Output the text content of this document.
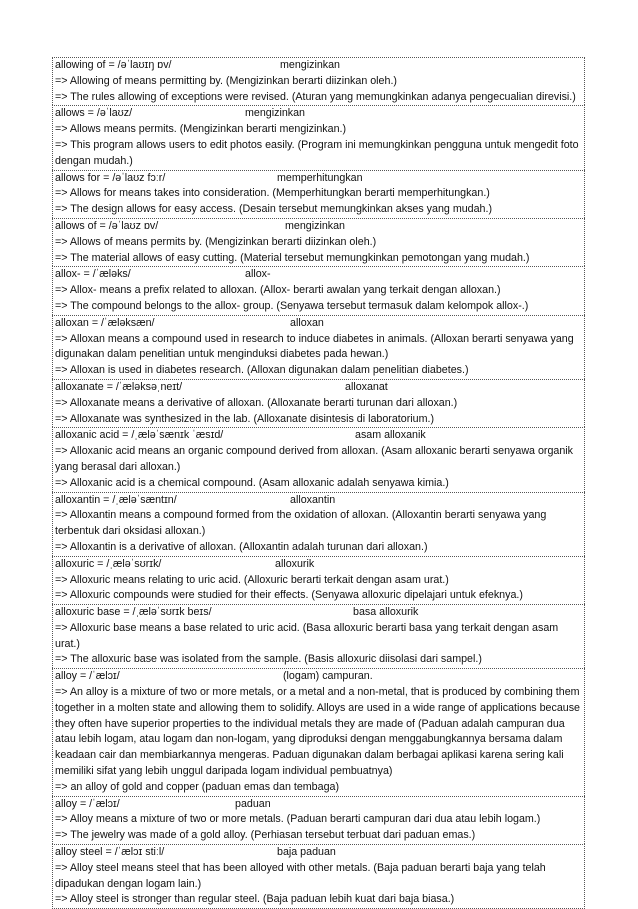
allowing of = /əˈlaʊɪŋ ɒv/	mengizinkan
=> Allowing of means permitting by. (Mengizinkan berarti diizinkan oleh.)
=> The rules allowing of exceptions were revised. (Aturan yang memungkinkan adanya pengecualian direvisi.)
allows = /əˈlaʊz/	mengizinkan
=> Allows means permits. (Mengizinkan berarti mengizinkan.)
=> This program allows users to edit photos easily. (Program ini memungkinkan pengguna untuk mengedit foto dengan mudah.)
allows for = /əˈlaʊz fɔːr/	memperhitungkan
=> Allows for means takes into consideration. (Memperhitungkan berarti memperhitungkan.)
=> The design allows for easy access. (Desain tersebut memungkinkan akses yang mudah.)
allows of = /əˈlaʊz ɒv/	mengizinkan
=> Allows of means permits by. (Mengizinkan berarti diizinkan oleh.)
=> The material allows of easy cutting. (Material tersebut memungkinkan pemotongan yang mudah.)
allox- = /ˈæləks/	allox-
=> Allox- means a prefix related to alloxan. (Allox- berarti awalan yang terkait dengan alloxan.)
=> The compound belongs to the allox- group. (Senyawa tersebut termasuk dalam kelompok allox-.)
alloxan = /ˈæləksæn/	alloxan
=> Alloxan means a compound used in research to induce diabetes in animals. (Alloxan berarti senyawa yang digunakan dalam penelitian untuk menginduksi diabetes pada hewan.)
=> Alloxan is used in diabetes research. (Alloxan digunakan dalam penelitian diabetes.)
alloxanate = /ˈæləksəˌneɪt/	alloxanat
=> Alloxanate means a derivative of alloxan. (Alloxanate berarti turunan dari alloxan.)
=> Alloxanate was synthesized in the lab. (Alloxanate disintesis di laboratorium.)
alloxanic acid = /ˌæləˈsænɪk ˈæsɪd/	asam alloxanik
=> Alloxanic acid means an organic compound derived from alloxan. (Asam alloxanic berarti senyawa organik yang berasal dari alloxan.)
=> Alloxanic acid is a chemical compound. (Asam alloxanic adalah senyawa kimia.)
alloxantin = /ˌæləˈsæntɪn/	alloxantin
=> Alloxantin means a compound formed from the oxidation of alloxan. (Alloxantin berarti senyawa yang terbentuk dari oksidasi alloxan.)
=> Alloxantin is a derivative of alloxan. (Alloxantin adalah turunan dari alloxan.)
alloxuric = /ˌæləˈsʊrɪk/	alloxurik
=> Alloxuric means relating to uric acid. (Alloxuric berarti terkait dengan asam urat.)
=> Alloxuric compounds were studied for their effects. (Senyawa alloxuric dipelajari untuk efeknya.)
alloxuric base = /ˌæləˈsʊrɪk beɪs/	basa alloxurik
=> Alloxuric base means a base related to uric acid. (Basa alloxuric berarti basa yang terkait dengan asam urat.)
=> The alloxuric base was isolated from the sample. (Basis alloxuric diisolasi dari sampel.)
alloy = /ˈælɔɪ/	(logam) campuran.
=> An alloy is a mixture of two or more metals, or a metal and a non-metal, that is produced by combining them together in a molten state and allowing them to solidify. Alloys are used in a wide range of applications because they often have superior properties to the individual metals they are made of (Paduan adalah campuran dua atau lebih logam, atau logam dan non-logam, yang diproduksi dengan menggabungkannya bersama dalam keadaan cair dan membiarkannya mengeras. Paduan digunakan dalam berbagai aplikasi karena sering kali memiliki sifat yang lebih unggul daripada logam individual pembuatnya)
=> an alloy of gold and copper (paduan emas dan tembaga)
alloy = /ˈælɔɪ/	paduan
=> Alloy means a mixture of two or more metals. (Paduan berarti campuran dari dua atau lebih logam.)
=> The jewelry was made of a gold alloy. (Perhiasan tersebut terbuat dari paduan emas.)
alloy steel = /ˈælɔɪ stiːl/	baja paduan
=> Alloy steel means steel that has been alloyed with other metals. (Baja paduan berarti baja yang telah dipadukan dengan logam lain.)
=> Alloy steel is stronger than regular steel. (Baja paduan lebih kuat dari baja biasa.)
